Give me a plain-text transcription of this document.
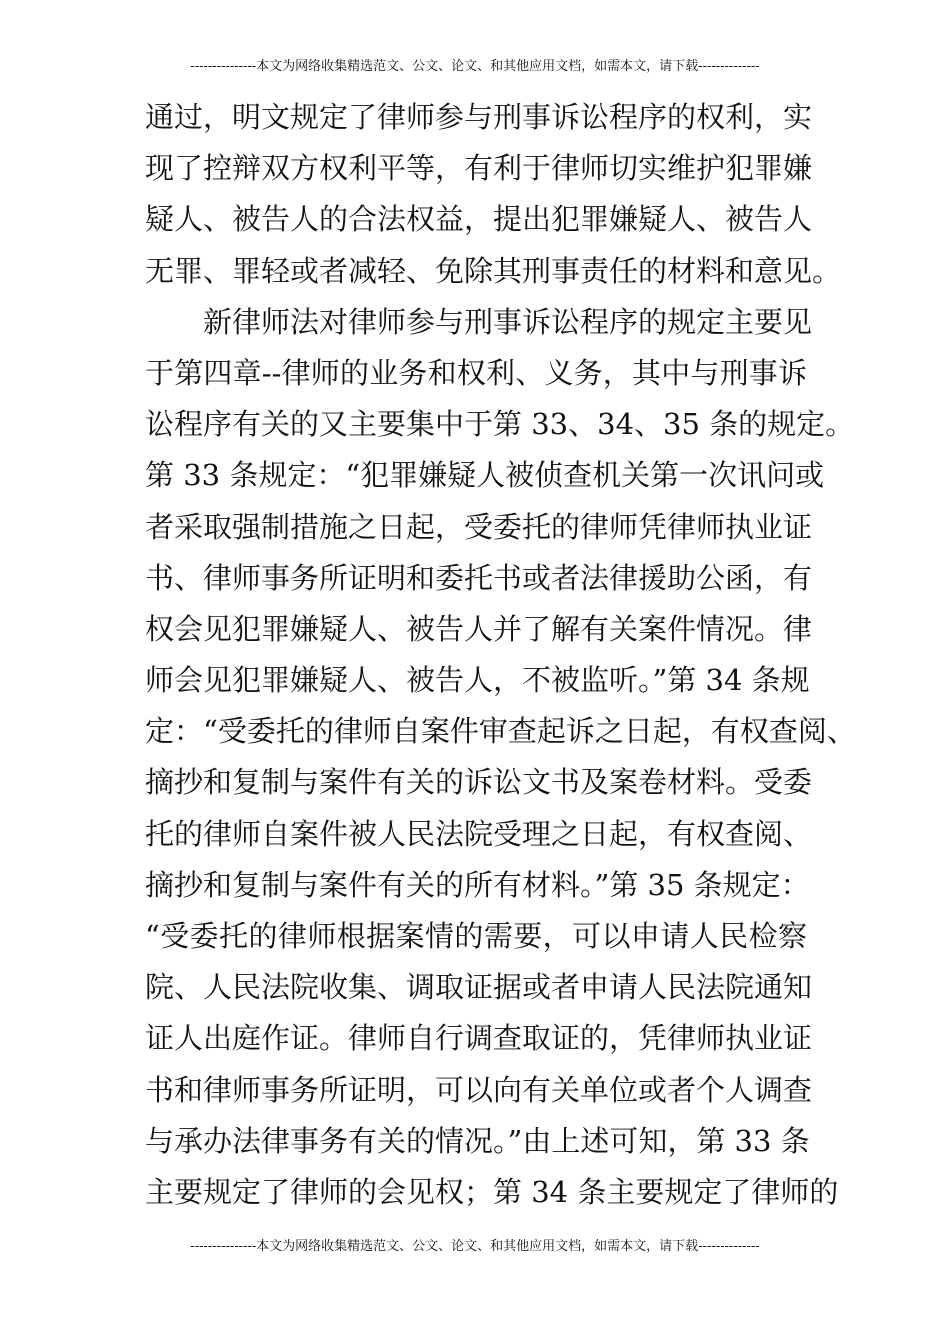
---------------本文为网络收集精选范文、公文、论文、和其他应用文档，如需本文，请下载--------------
通过，明文规定了律师参与刑事诉讼程序的权利，实
现了控辩双方权利平等，有利于律师切实维护犯罪嫌
疑人、被告人的合法权益，提出犯罪嫌疑人、被告人
无罪、罪轻或者减轻、免除其刑事责任的材料和意见。
新律师法对律师参与刑事诉讼程序的规定主要见
于第四章--律师的业务和权利、义务，其中与刑事诉
讼程序有关的又主要集中于第 33、34、35 条的规定。
第 33 条规定：“犯罪嫌疑人被侦查机关第一次讯问或
者采取强制措施之日起，受委托的律师凭律师执业证
书、律师事务所证明和委托书或者法律援助公函，有
权会见犯罪嫌疑人、被告人并了解有关案件情况。律
师会见犯罪嫌疑人、被告人，不被监听。”第 34 条规
定：“受委托的律师自案件审查起诉之日起，有权查阅、
摘抄和复制与案件有关的诉讼文书及案卷材料。受委
托的律师自案件被人民法院受理之日起，有权查阅、
摘抄和复制与案件有关的所有材料。”第 35 条规定：
“受委托的律师根据案情的需要，可以申请人民检察
院、人民法院收集、调取证据或者申请人民法院通知
证人出庭作证。律师自行调查取证的，凭律师执业证
书和律师事务所证明，可以向有关单位或者个人调查
与承办法律事务有关的情况。”由上述可知，第 33 条
主要规定了律师的会见权；第 34 条主要规定了律师的
---------------本文为网络收集精选范文、公文、论文、和其他应用文档，如需本文，请下载--------------
